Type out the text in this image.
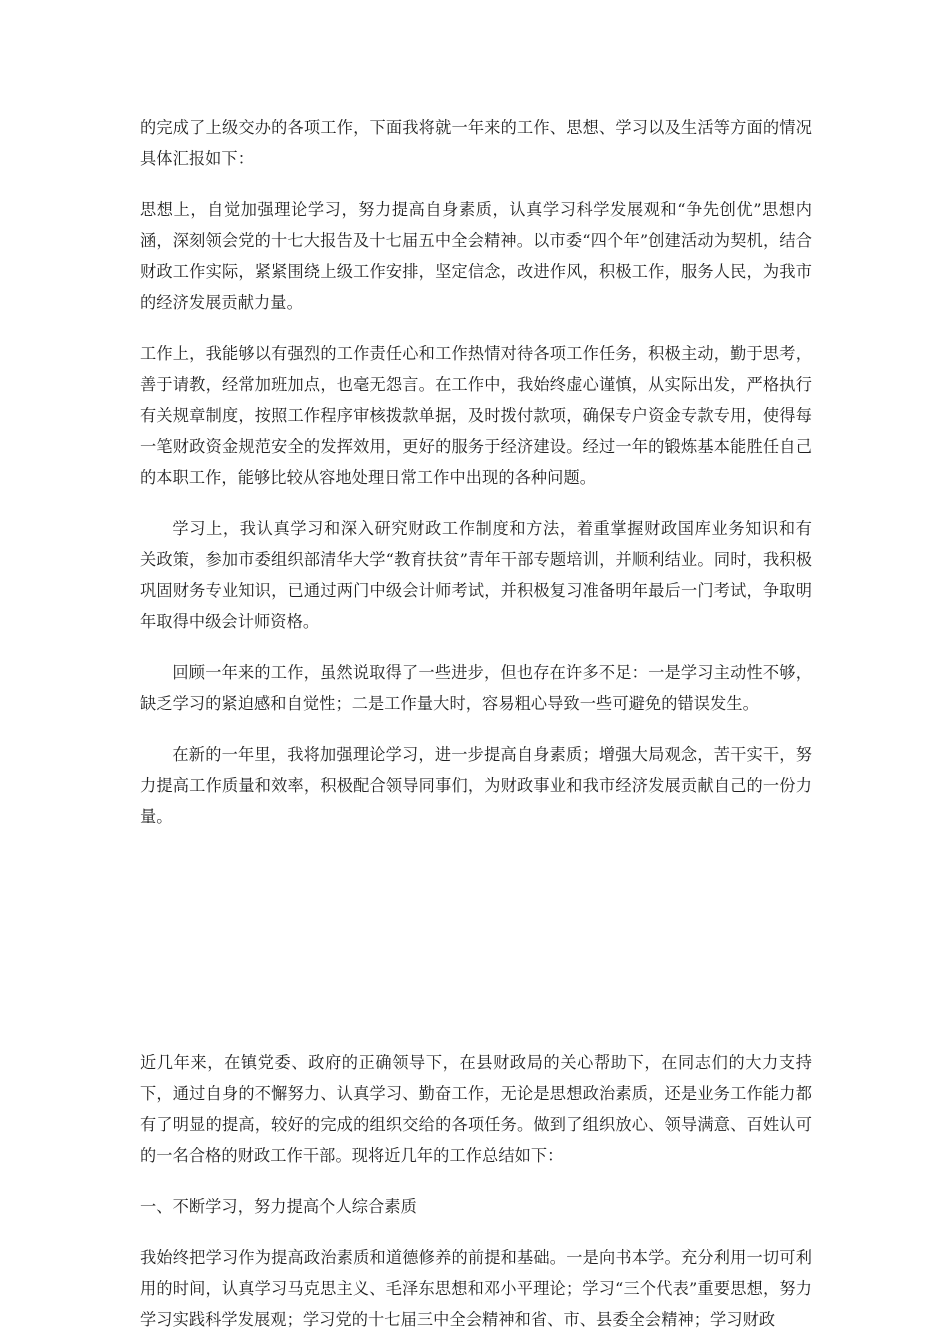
的完成了上级交办的各项工作，下面我将就一年来的工作、思想、学习以及生活等方面的情况具体汇报如下：

思想上，自觉加强理论学习，努力提高自身素质，认真学习科学发展观和“争先创优”思想内涵，深刻领会党的十七大报告及十七届五中全会精神。以市委“四个年”创建活动为契机，结合财政工作实际，紧紧围绕上级工作安排，坚定信念，改进作风，积极工作，服务人民，为我市的经济发展贡献力量。

工作上，我能够以有强烈的工作责任心和工作热情对待各项工作任务，积极主动，勤于思考，善于请教，经常加班加点，也毫无怨言。在工作中，我始终虚心谨慎，从实际出发，严格执行有关规章制度，按照工作程序审核拨款单据，及时拨付款项，确保专户资金专款专用，使得每一笔财政资金规范安全的发挥效用，更好的服务于经济建设。经过一年的锻炼基本能胜任自己的本职工作，能够比较从容地处理日常工作中出现的各种问题。

学习上，我认真学习和深入研究财政工作制度和方法，着重掌握财政国库业务知识和有 关政策，参加市委组织部清华大学“教育扶贫”青年干部专题培训，并顺利结业。同时，我积极巩固财务专业知识，已通过两门中级会计师考试，并积极复习准备明年最后一门考试，争取明年取得中级会计师资格。

回顾一年来的工作，虽然说取得了一些进步，但也存在许多不足：一是学习主动性不够，缺乏学习的紧迫感和自觉性；二是工作量大时，容易粗心导致一些可避免的错误发生。

在新的一年里，我将加强理论学习，进一步提高自身素质；增强大局观念，苦干实干，努力提高工作质量和效率，积极配合领导同事们，为财政事业和我市经济发展贡献自己的一份力量。

近几年来，在镇党委、政府的正确领导下，在县财政局的关心帮助下，在同志们的大力支持下，通过自身的不懈努力、认真学习、勤奋工作，无论是思想政治素质，还是业务工作能力都有了明显的提高，较好的完成的组织交给的各项任务。做到了组织放心、领导满意、百姓认可的一名合格的财政工作干部。现将近几年的工作总结如下：

一、不断学习，努力提高个人综合素质

我始终把学习作为提高政治素质和道德修养的前提和基础。一是向书本学。充分利用一切可利用的时间，认真学习马克思主义、毛泽东思想和邓小平理论；学习“三个代表”重要思想，努力学习实践科学发展观；学习党的十七届三中全会精神和省、市、县委全会精神；学习财政
